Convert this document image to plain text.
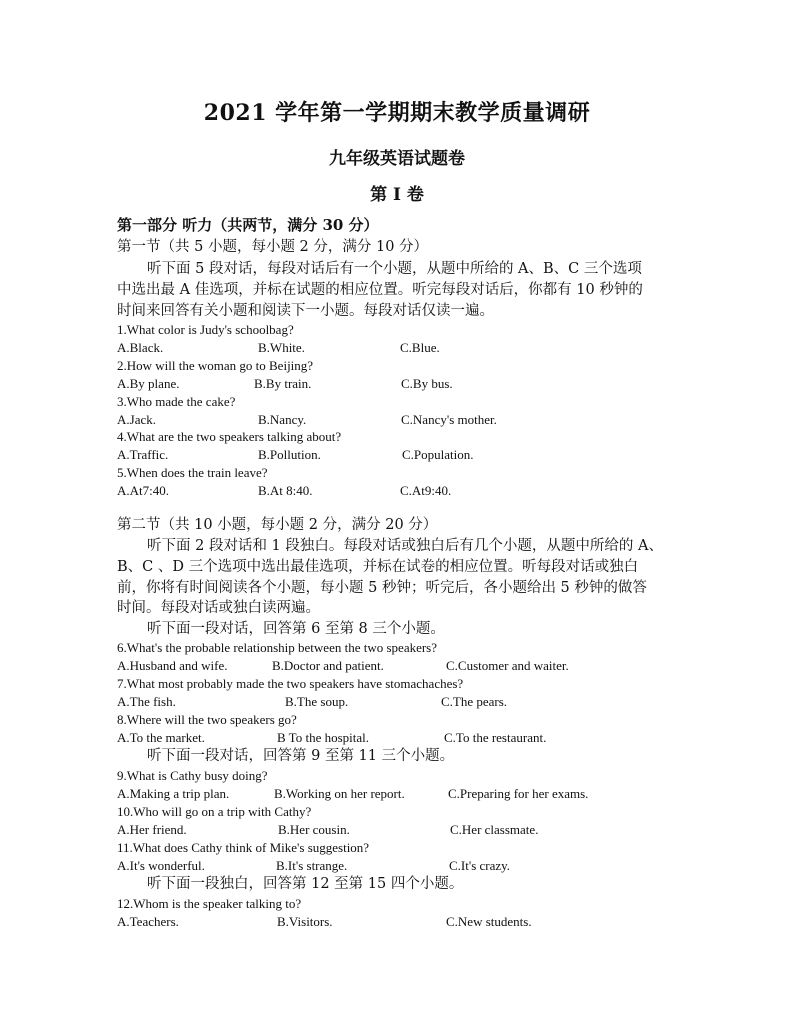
2021 学年第一学期期末教学质量调研
九年级英语试题卷
第 I 卷
第一部分 听力（共两节，满分 30 分）
第一节（共 5 小题，每小题 2 分，满分 10 分）
听下面 5 段对话，每段对话后有一个小题，从题中所给的 A、B、C 三个选项
中选出最 A 佳选项，并标在试题的相应位置。听完每段对话后，你都有 10 秒钟的
时间来回答有关小题和阅读下一小题。每段对话仅读一遍。
1.What color is Judy's schoolbag?
A.Black.	B.White.	C.Blue.
2.How will the woman go to Beijing?
A.By plane.	B.By train.	C.By bus.
3.Who made the cake?
A.Jack.	B.Nancy.	C.Nancy's mother.
4.What are the two speakers talking about?
A.Traffic.	B.Pollution.	C.Population.
5.When does the train leave?
A.At7:40.	B.At 8:40.	C.At9:40.
第二节（共 10 小题，每小题 2 分，满分 20 分）
听下面 2 段对话和 1 段独白。每段对话或独白后有几个小题，从题中所给的 A、
B、C 、D 三个选项中选出最佳选项，并标在试卷的相应位置。听每段对话或独白
前，你将有时间阅读各个小题，每小题 5 秒钟；听完后，各小题给出 5 秒钟的做答
时间。每段对话或独白读两遍。
听下面一段对话，回答第 6 至第 8 三个小题。
6.What's the probable relationship between the two speakers?
A.Husband and wife.	B.Doctor and patient.	C.Customer and waiter.
7.What most probably made the two speakers have stomachaches?
A.The fish.	B.The soup.	C.The pears.
8.Where will the two speakers go?
A.To the market.	B To the hospital.	C.To the restaurant.
听下面一段对话，回答第 9 至第 11 三个小题。
9.What is Cathy busy doing?
A.Making a trip plan.	B.Working on her report.	C.Preparing for her exams.
10.Who will go on a trip with Cathy?
A.Her friend.	B.Her cousin.	C.Her classmate.
11.What does Cathy think of Mike's suggestion?
A.It's wonderful.	B.It's strange.	C.It's crazy.
听下面一段独白，回答第 12 至第 15 四个小题。
12.Whom is the speaker talking to?
A.Teachers.	B.Visitors.	C.New students.
